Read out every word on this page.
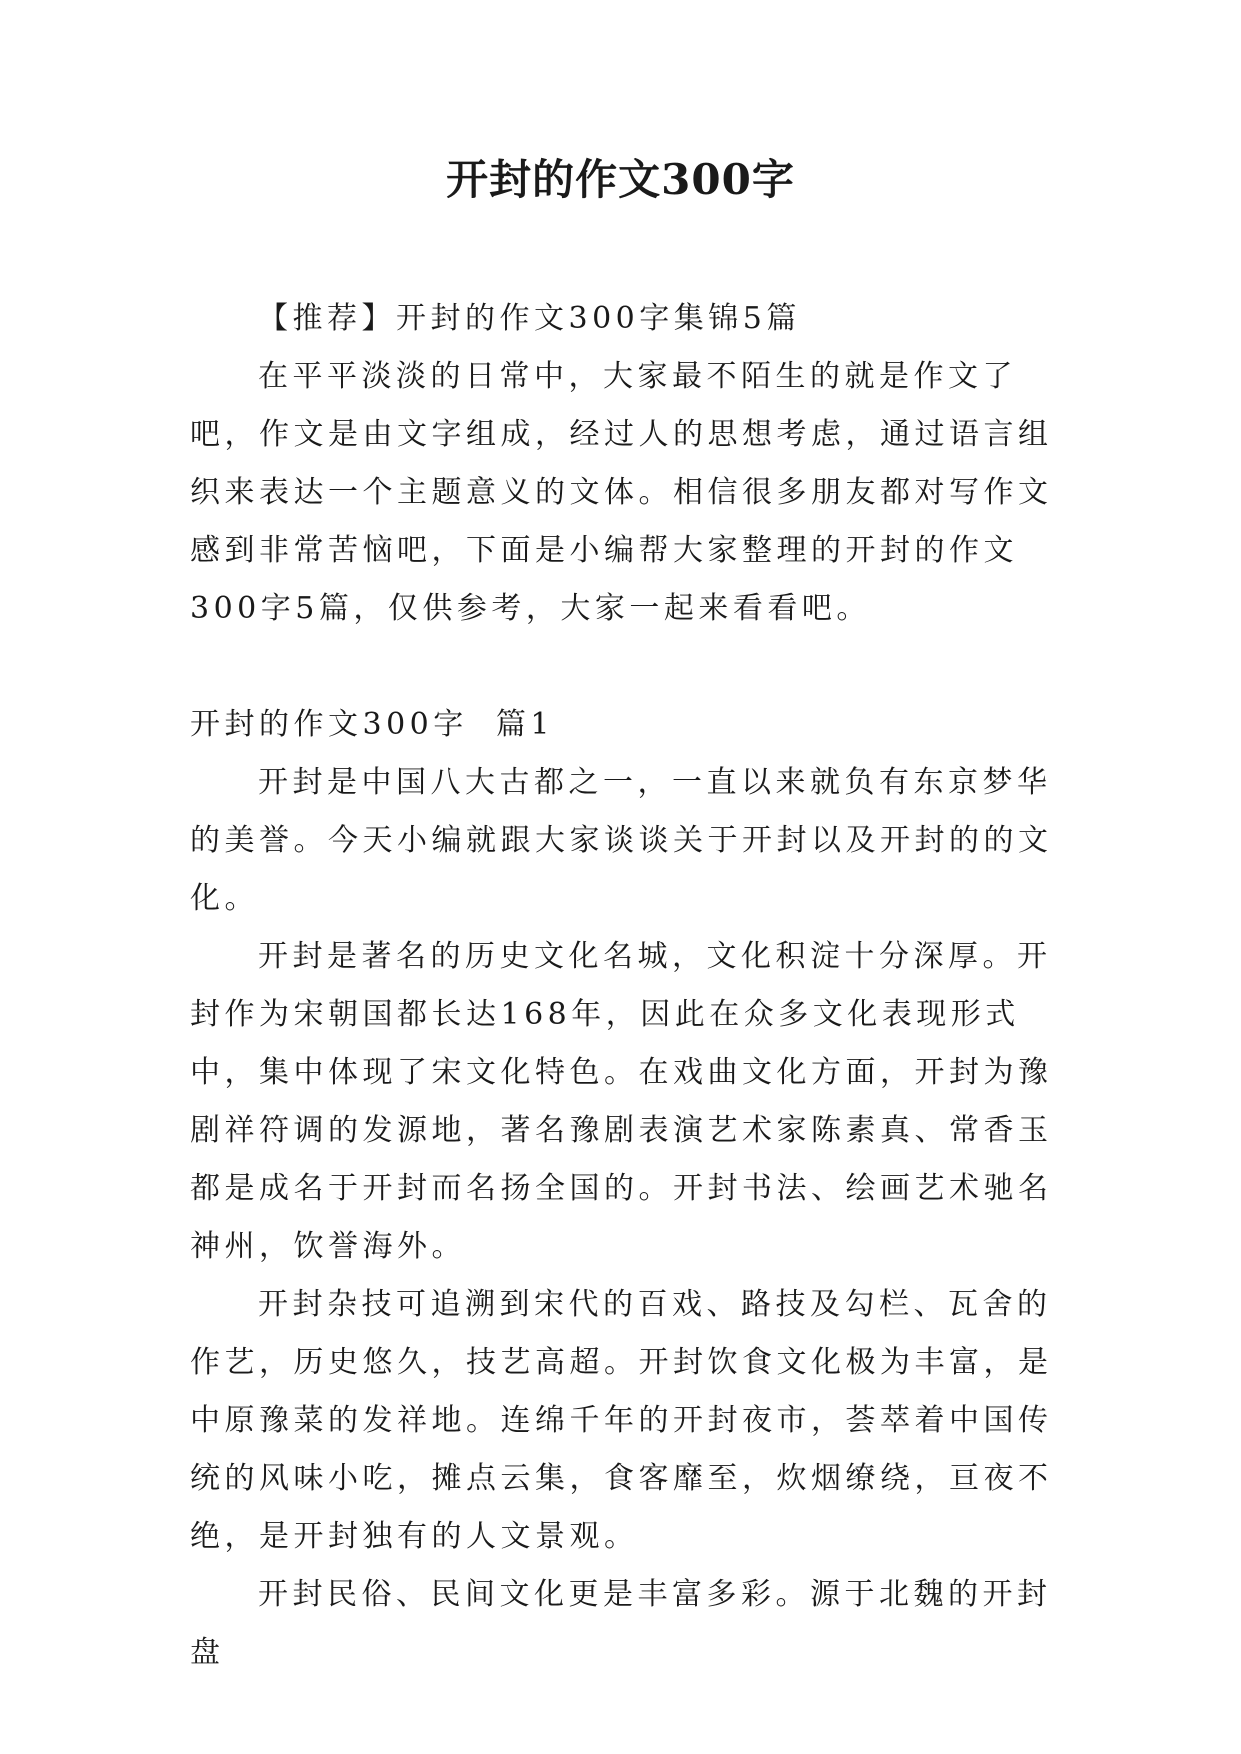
开封的作文300字

【推荐】开封的作文300字集锦5篇

在平平淡淡的日常中，大家最不陌生的就是作文了吧，作文是由文字组成，经过人的思想考虑，通过语言组织来表达一个主题意义的文体。相信很多朋友都对写作文感到非常苦恼吧，下面是小编帮大家整理的开封的作文300字5篇，仅供参考，大家一起来看看吧。

开封的作文300字  篇1

开封是中国八大古都之一，一直以来就负有东京梦华的美誉。今天小编就跟大家谈谈关于开封以及开封的的文化。

开封是著名的历史文化名城，文化积淀十分深厚。开封作为宋朝国都长达168年，因此在众多文化表现形式中，集中体现了宋文化特色。在戏曲文化方面，开封为豫剧祥符调的发源地，著名豫剧表演艺术家陈素真、常香玉都是成名于开封而名扬全国的。开封书法、绘画艺术驰名神州，饮誉海外。

开封杂技可追溯到宋代的百戏、路技及勾栏、瓦舍的作艺，历史悠久，技艺高超。开封饮食文化极为丰富，是中原豫菜的发祥地。连绵千年的开封夜市，荟萃着中国传统的风味小吃，摊点云集，食客靡至，炊烟缭绕，亘夜不绝，是开封独有的人文景观。

开封民俗、民间文化更是丰富多彩。源于北魏的开封盘
